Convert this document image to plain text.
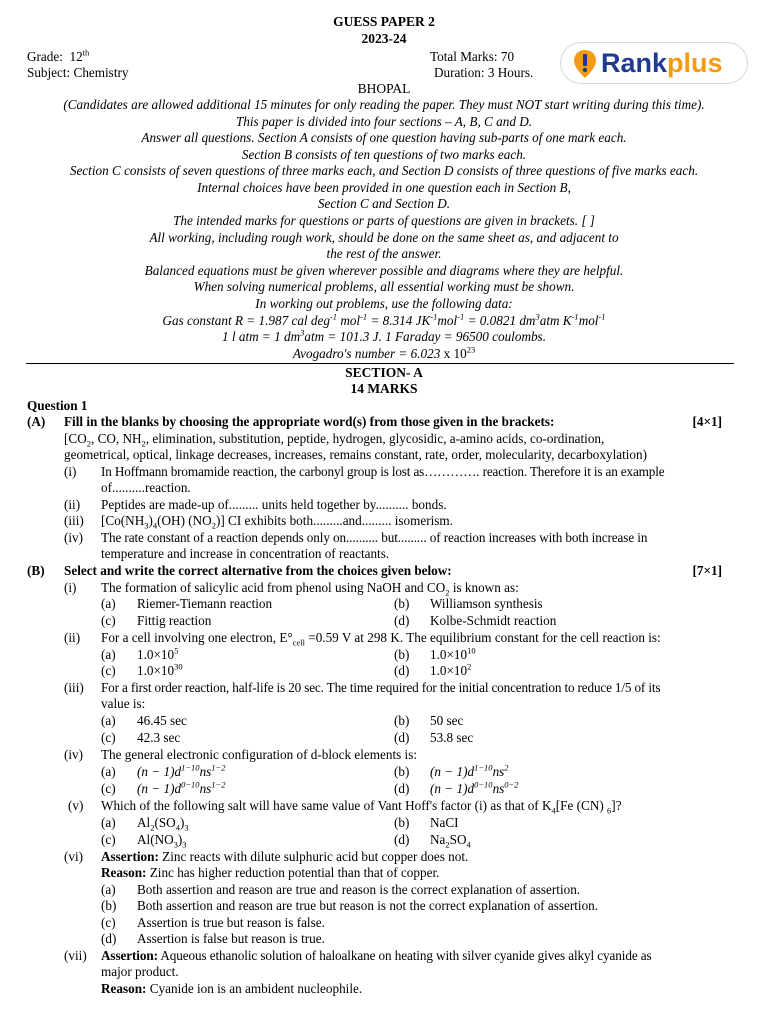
GUESS PAPER 2
2023-24
Grade:  12th	Total Marks: 70
Subject: Chemistry	Duration: 3 Hours.	Rankplus
BHOPAL
(Candidates are allowed additional 15 minutes for only reading the paper. They must NOT start writing during this time).
This paper is divided into four sections – A, B, C and D.
Answer all questions. Section A consists of one question having sub-parts of one mark each.
Section B consists of ten questions of two marks each.
Section C consists of seven questions of three marks each, and Section D consists of three questions of five marks each.
Internal choices have been provided in one question each in Section B,
Section C and Section D.
The intended marks for questions or parts of questions are given in brackets. [ ]
All working, including rough work, should be done on the same sheet as, and adjacent to
the rest of the answer.
Balanced equations must be given wherever possible and diagrams where they are helpful.
When solving numerical problems, all essential working must be shown.
In working out problems, use the following data:
Gas constant R = 1.987 cal deg$^{-1}$ mol$^{-1}$ = 8.314 $JK^{-1}mol^{-1} = 0.0821$ $dm^3atm$ $K^{-1}mol^{-1}$
1 l atm = 1 $dm^3atm = 101.3$ J. 1 Faraday = 96500 coulombs.
Avogadro's number = 6.023 x $10^{23}$
SECTION- A
14 MARKS
Question 1
(A) Fill in the blanks by choosing the appropriate word(s) from those given in the brackets:	[4×1]
[$CO_2$, CO, $NH_2$, elimination, substitution, peptide, hydrogen, glycosidic, a-amino acids, co-ordination,
geometrical, optical, linkage decreases, increases, remains constant, rate, order, molecularity, decarboxylation)
(i) In Hoffmann bromamide reaction, the carbonyl group is lost as…………. reaction. Therefore it is an example
of..........reaction.
(ii) Peptides are made-up of......... units held together by.......... bonds.
(iii) [$Co(NH_3)_4(OH)$ $(NO_2)$] CI exhibits both.........and......... isomerism.
(iv) The rate constant of a reaction depends only on.......... but......... of reaction increases with both increase in
temperature and increase in concentration of reactants.
(B) Select and write the correct alternative from the choices given below:	[7×1]
(i) The formation of salicylic acid from phenol using NaOH and $CO_2$ is known as:
(a) Riemer-Tiemann reaction	(b) Williamson synthesis
(c) Fittig reaction	(d) Kolbe-Schmidt reaction
(ii) For a cell involving one electron, $E^\circ_{cell} =0.59$ V at 298 K. The equilibrium constant for the cell reaction is:
(a) $1.0\times 10^5$	(b) $1.0\times 10^{10}$
(c) $1.0\times 10^{30}$	(d) $1.0\times 10^2$
(iii) For a first order reaction, half-life is 20 sec. The time required for the initial concentration to reduce 1/5 of its
value is:
(a) 46.45 sec	(b) 50 sec
(c) 42.3 sec	(d) 53.8 sec
(iv) The general electronic configuration of d-block elements is:
(a) $(n - 1)d^{1-10}ns^{1-2}$	(b) $(n - 1)d^{1-10}ns^2$
(c) $(n - 1)d^{0-10}ns^{1-2}$	(d) $(n - 1)d^{0-10}ns^{0-2}$
(v) Which of the following salt will have same value of Vant Hoff's factor (i) as that of $K_4[Fe$ (CN) $_6$]?
(a) $Al_2(SO_4)_3$	(b) NaCI
(c) $Al(NO_3)_3$	(d) $Na_2SO_4$
(vi) Assertion: Zinc reacts with dilute sulphuric acid but copper does not.
Reason: Zinc has higher reduction potential than that of copper.
(a) Both assertion and reason are true and reason is the correct explanation of assertion.
(b) Both assertion and reason are true but reason is not the correct explanation of assertion.
(c) Assertion is true but reason is false.
(d) Assertion is false but reason is true.
(vii) Assertion: Aqueous ethanolic solution of haloalkane on heating with silver cyanide gives alkyl cyanide as
major product.
Reason: Cyanide ion is an ambident nucleophile.
